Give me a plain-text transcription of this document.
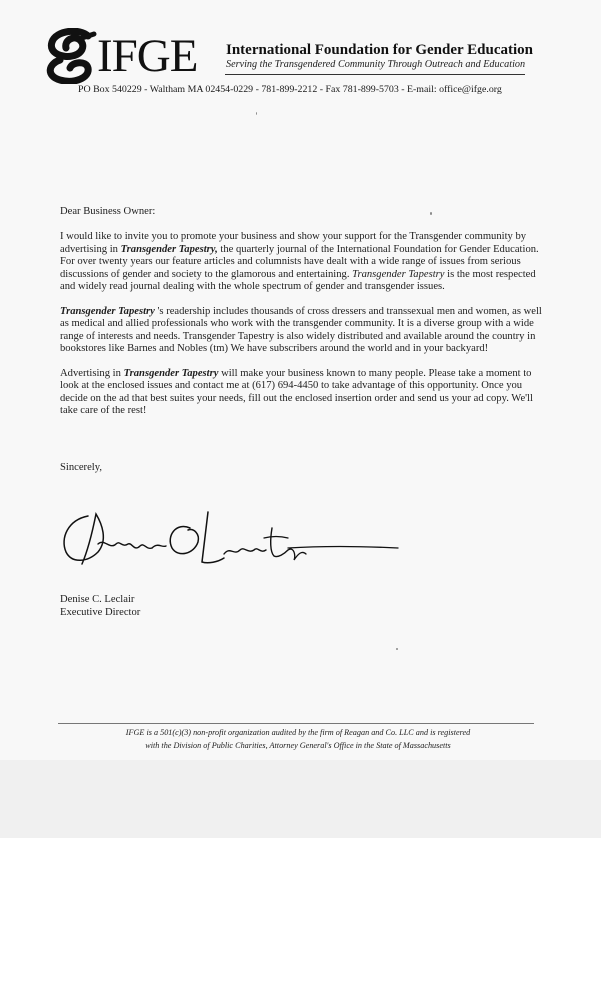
IFGE International Foundation for Gender Education
Serving the Transgendered Community Through Outreach and Education
PO Box 540229 - Waltham MA 02454-0229 - 781-899-2212 - Fax 781-899-5703 - E-mail: office@ifge.org

Dear Business Owner:

I would like to invite you to promote your business and show your support for the Transgender community by advertising in Transgender Tapestry, the quarterly journal of the International Foundation for Gender Education. For over twenty years our feature articles and columnists have dealt with a wide range of issues from serious discussions of gender and society to the glamorous and entertaining. Transgender Tapestry is the most respected and widely read journal dealing with the whole spectrum of gender and transgender issues.

Transgender Tapestry 's readership includes thousands of cross dressers and transsexual men and women, as well as medical and allied professionals who work with the transgender community. It is a diverse group with a wide range of interests and needs. Transgender Tapestry is also widely distributed and available around the country in bookstores like Barnes and Nobles (tm) We have subscribers around the world and in your backyard!

Advertising in Transgender Tapestry will make your business known to many people. Please take a moment to look at the enclosed issues and contact me at (617) 694-4450 to take advantage of this opportunity. Once you decide on the ad that best suites your needs, fill out the enclosed insertion order and send us your ad copy. We'll take care of the rest!

Sincerely,
Denise C. Leclair
Executive Director
IFGE is a 501(c)(3) non-profit organization audited by the firm of Reagan and Co. LLC and is registered
with the Division of Public Charities, Attorney General's Office in the State of Massachusetts
